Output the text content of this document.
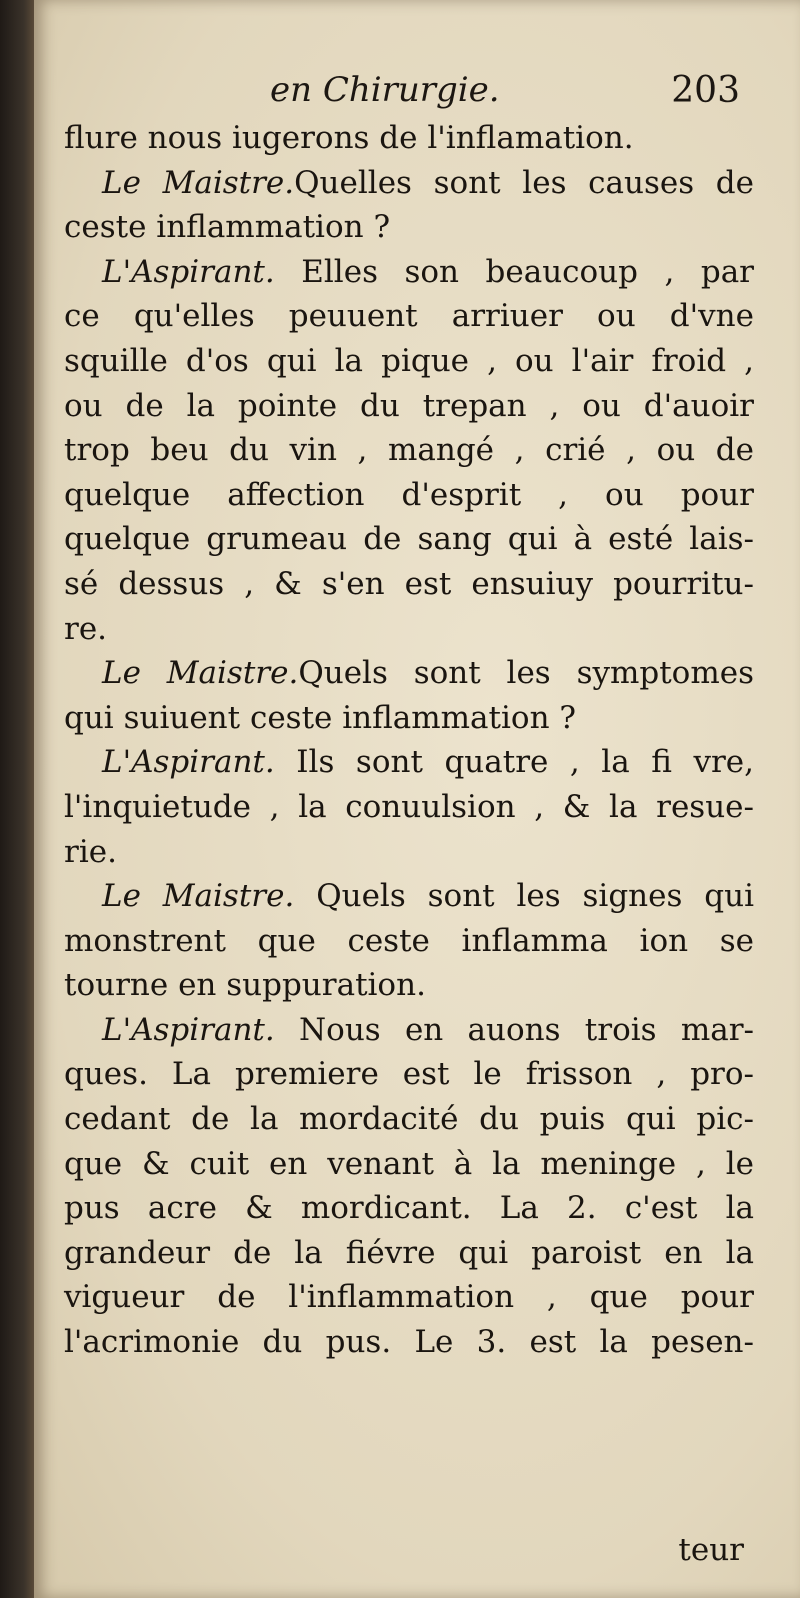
en Chirurgie.	203
flure nous iugerons de l'inflamation.
Le Maistre.Quelles sont les causes de
ceste inflammation ?
L'Aspirant. Elles son beaucoup , par
ce qu'elles peuuent arriuer ou d'vne
squille d'os qui la pique , ou l'air froid ,
ou de la pointe du trepan , ou d'auoir
trop beu du vin , mangé , crié , ou de
quelque affection d'esprit , ou pour
quelque grumeau de sang qui à esté lais-
sé dessus , & s'en est ensuiuy pourritu-
re.
Le Maistre.Quels sont les symptomes
qui suiuent ceste inflammation ?
L'Aspirant. Ils sont quatre , la fi vre,
l'inquietude , la conuulsion , & la resue-
rie.
Le Maistre. Quels sont les signes qui
monstrent que ceste inflamma ion se
tourne en suppuration.
L'Aspirant. Nous en auons trois mar-
ques. La premiere est le frisson , pro-
cedant de la mordacité du puis qui pic-
que & cuit en venant à la meninge , le
pus acre & mordicant. La 2. c'est la
grandeur de la fiévre qui paroist en la
vigueur de l'inflammation , que pour
l'acrimonie du pus. Le 3. est la pesen-
teur
